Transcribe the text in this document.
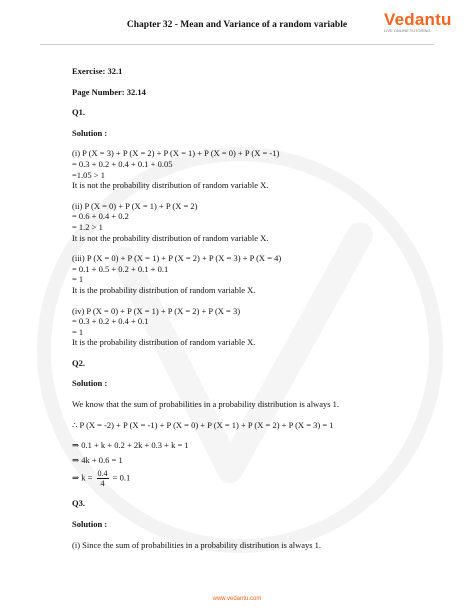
Chapter 32 - Mean and Variance of a random variable	Vedantu
LIVE ONLINE TUTORING
Exercise: 32.1
Page Number: 32.14
Q1.
Solution :
(i) P (X = 3) + P (X = 2) + P (X = 1) + P (X = 0) + P (X = -1)
= 0.3 + 0.2 + 0.4 + 0.1 + 0.05
=1.05 > 1
It is not the probability distribution of random variable X.
(ii) P (X = 0) + P (X = 1) + P (X = 2)
= 0.6 + 0.4 + 0.2
= 1.2 > 1
It is not the probability distribution of random variable X.
(iii) P (X = 0) + P (X = 1) + P (X = 2) + P (X = 3) + P (X = 4)
= 0.1 + 0.5 + 0.2 + 0.1 + 0.1
= 1
It is the probability distribution of random variable X.
(iv) P (X = 0) + P (X = 1) + P (X = 2) + P (X = 3)
= 0.3 + 0.2 + 0.4 + 0.1
= 1
It is the probability distribution of random variable X.
Q2.
Solution :
We know that the sum of probabilities in a probability distribution is always 1.
∴ P (X = -2) + P (X = -1) + P (X = 0) + P (X = 1) + P (X = 2) + P (X = 3) = 1
⇒ 0.1 + k + 0.2 + 2k + 0.3 + k = 1
⇒ 4k + 0.6 = 1
⇒ $k = \frac{0.4}{4} = 0.1$
Q3.
Solution :
(i) Since the sum of probabilities in a probability distribution is always 1.
www.vedantu.com
